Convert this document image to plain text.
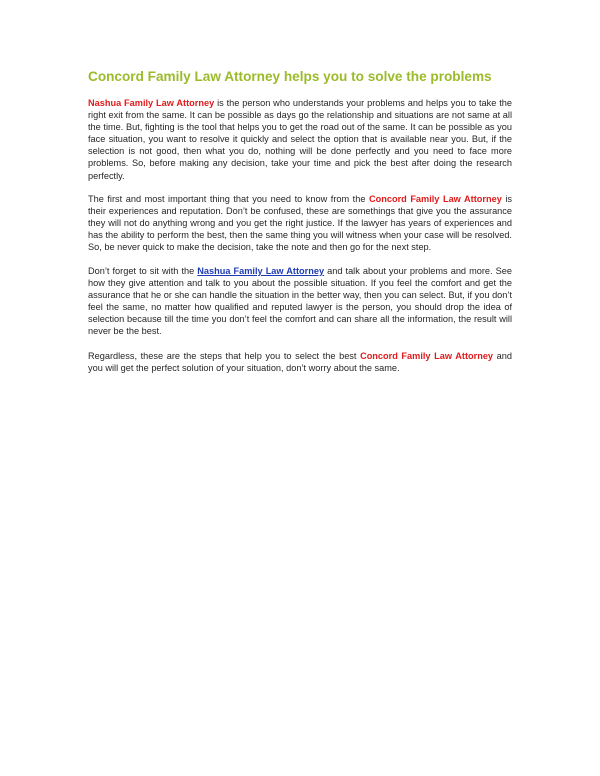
Concord Family Law Attorney helps you to solve the problems

Nashua Family Law Attorney is the person who understands your problems and helps you to take the right exit from the same. It can be possible as days go the relationship and situations are not same at all the time. But, fighting is the tool that helps you to get the road out of the same. It can be possible as you face situation, you want to resolve it quickly and select the option that is available near you. But, if the selection is not good, then what you do, nothing will be done perfectly and you need to face more problems. So, before making any decision, take your time and pick the best after doing the research perfectly.

The first and most important thing that you need to know from the Concord Family Law Attorney is their experiences and reputation. Don’t be confused, these are somethings that give you the assurance they will not do anything wrong and you get the right justice. If the lawyer has years of experiences and has the ability to perform the best, then the same thing you will witness when your case will be resolved. So, be never quick to make the decision, take the note and then go for the next step.

Don’t forget to sit with the Nashua Family Law Attorney and talk about your problems and more. See how they give attention and talk to you about the possible situation. If you feel the comfort and get the assurance that he or she can handle the situation in the better way, then you can select. But, if you don’t feel the same, no matter how qualified and reputed lawyer is the person, you should drop the idea of selection because till the time you don’t feel the comfort and can share all the information, the result will never be the best.

Regardless, these are the steps that help you to select the best Concord Family Law Attorney and you will get the perfect solution of your situation, don’t worry about the same.
